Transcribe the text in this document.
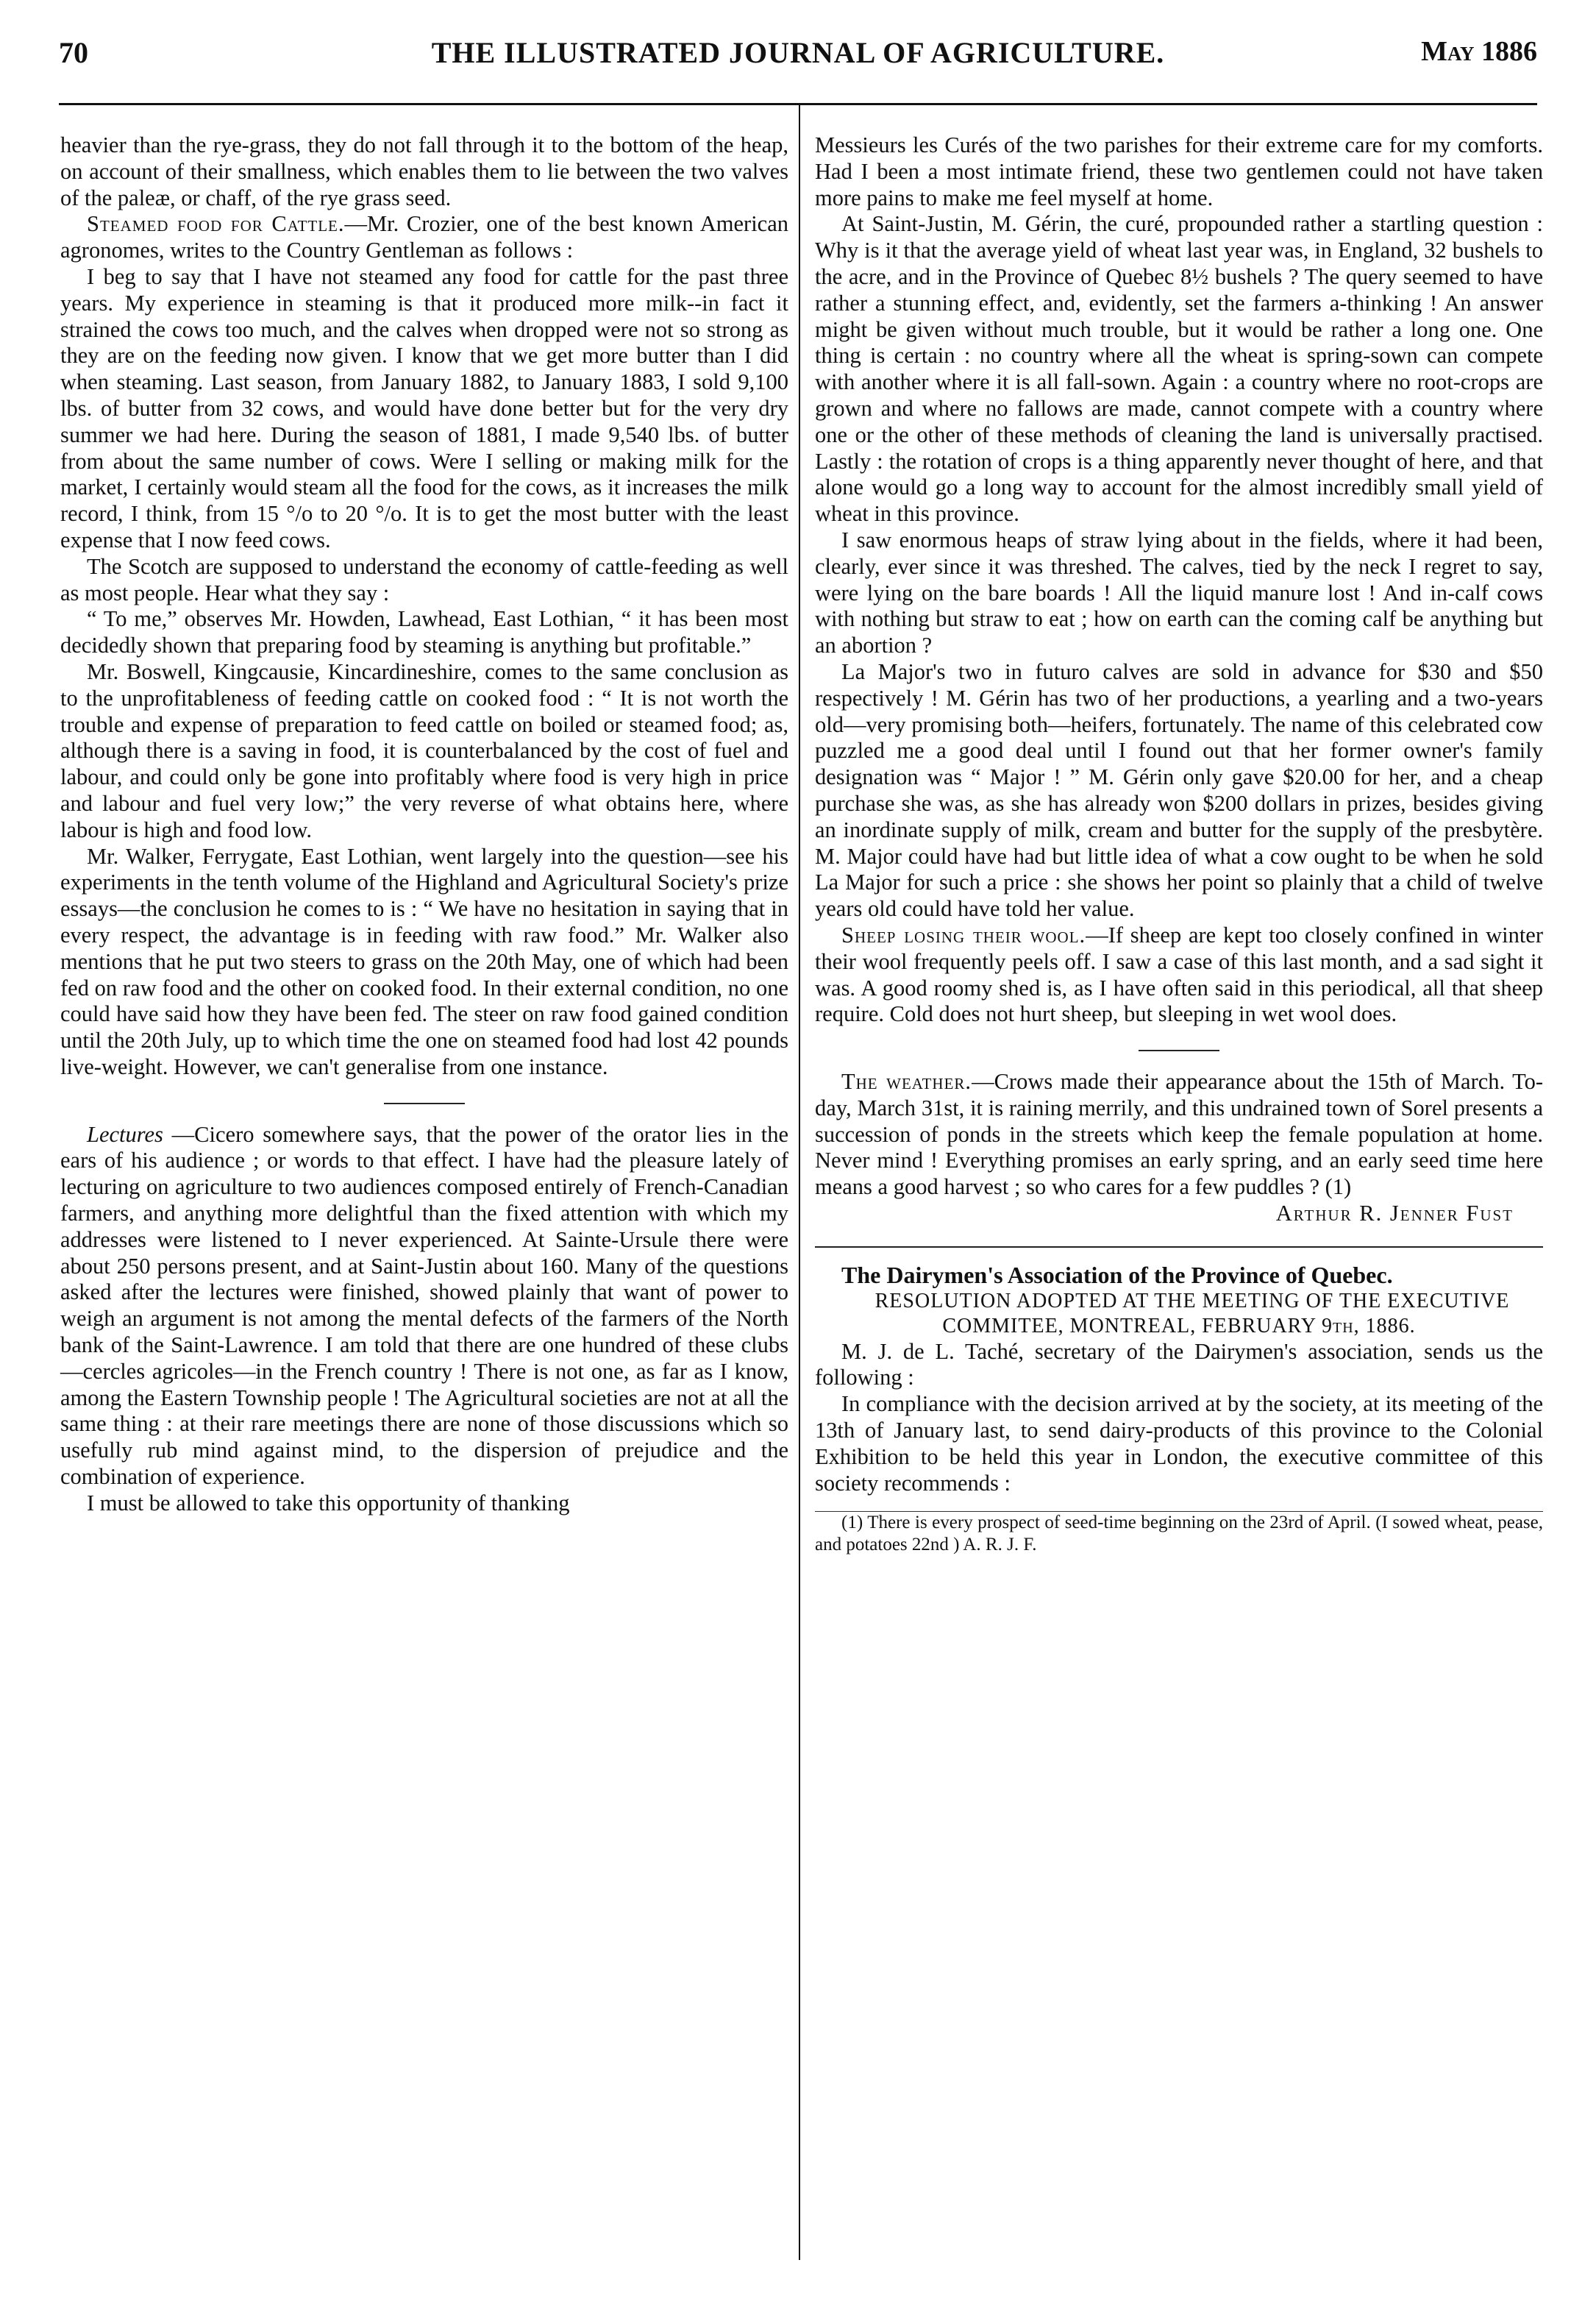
70	THE ILLUSTRATED JOURNAL OF AGRICULTURE.	May 1886

heavier than the rye-grass, they do not fall through it to the bottom of the heap, on account of their smallness, which enables them to lie between the two valves of the paleæ, or chaff, of the rye grass seed.

Steamed food for Cattle.—Mr. Crozier, one of the best known American agronomes, writes to the Country Gentleman as follows :

I beg to say that I have not steamed any food for cattle for the past three years. My experience in steaming is that it produced more milk--in fact it strained the cows too much, and the calves when dropped were not so strong as they are on the feeding now given. I know that we get more butter than I did when steaming. Last season, from January 1882, to January 1883, I sold 9,100 lbs. of butter from 32 cows, and would have done better but for the very dry summer we had here. During the season of 1881, I made 9,540 lbs. of butter from about the same number of cows. Were I selling or making milk for the market, I certainly would steam all the food for the cows, as it increases the milk record, I think, from 15 °/o to 20 °/o. It is to get the most butter with the least expense that I now feed cows.

The Scotch are supposed to understand the economy of cattle-feeding as well as most people. Hear what they say :

“ To me,” observes Mr. Howden, Lawhead, East Lothian, “ it has been most decidedly shown that preparing food by steaming is anything but profitable.”

Mr. Boswell, Kingcausie, Kincardineshire, comes to the same conclusion as to the unprofitableness of feeding cattle on cooked food : “ It is not worth the trouble and expense of preparation to feed cattle on boiled or steamed food; as, although there is a saving in food, it is counterbalanced by the cost of fuel and labour, and could only be gone into profitably where food is very high in price and labour and fuel very low;” the very reverse of what obtains here, where labour is high and food low.

Mr. Walker, Ferrygate, East Lothian, went largely into the question—see his experiments in the tenth volume of the Highland and Agricultural Society's prize essays—the conclusion he comes to is : “ We have no hesitation in saying that in every respect, the advantage is in feeding with raw food.” Mr. Walker also mentions that he put two steers to grass on the 20th May, one of which had been fed on raw food and the other on cooked food. In their external condition, no one could have said how they have been fed. The steer on raw food gained condition until the 20th July, up to which time the one on steamed food had lost 42 pounds live-weight. However, we can't generalise from one instance.

Lectures —Cicero somewhere says, that the power of the orator lies in the ears of his audience ; or words to that effect. I have had the pleasure lately of lecturing on agriculture to two audiences composed entirely of French-Canadian farmers, and anything more delightful than the fixed attention with which my addresses were listened to I never experienced. At Sainte-Ursule there were about 250 persons present, and at Saint-Justin about 160. Many of the questions asked after the lectures were finished, showed plainly that want of power to weigh an argument is not among the mental defects of the farmers of the North bank of the Saint-Lawrence. I am told that there are one hundred of these clubs—cercles agricoles—in the French country ! There is not one, as far as I know, among the Eastern Township people ! The Agricultural societies are not at all the same thing : at their rare meetings there are none of those discussions which so usefully rub mind against mind, to the dispersion of prejudice and the combination of experience.

I must be allowed to take this opportunity of thanking

Messieurs les Curés of the two parishes for their extreme care for my comforts. Had I been a most intimate friend, these two gentlemen could not have taken more pains to make me feel myself at home.

At Saint-Justin, M. Gérin, the curé, propounded rather a startling question : Why is it that the average yield of wheat last year was, in England, 32 bushels to the acre, and in the Province of Quebec 8½ bushels ? The query seemed to have rather a stunning effect, and, evidently, set the farmers a-thinking ! An answer might be given without much trouble, but it would be rather a long one. One thing is certain : no country where all the wheat is spring-sown can compete with another where it is all fall-sown. Again : a country where no root-crops are grown and where no fallows are made, cannot compete with a country where one or the other of these methods of cleaning the land is universally practised. Lastly : the rotation of crops is a thing apparently never thought of here, and that alone would go a long way to account for the almost incredibly small yield of wheat in this province.

I saw enormous heaps of straw lying about in the fields, where it had been, clearly, ever since it was threshed. The calves, tied by the neck I regret to say, were lying on the bare boards ! All the liquid manure lost ! And in-calf cows with nothing but straw to eat ; how on earth can the coming calf be anything but an abortion ?

La Major's two in futuro calves are sold in advance for $30 and $50 respectively ! M. Gérin has two of her productions, a yearling and a two-years old—very promising both—heifers, fortunately. The name of this celebrated cow puzzled me a good deal until I found out that her former owner's family designation was “ Major ! ” M. Gérin only gave $20.00 for her, and a cheap purchase she was, as she has already won $200 dollars in prizes, besides giving an inordinate supply of milk, cream and butter for the supply of the presbytère. M. Major could have had but little idea of what a cow ought to be when he sold La Major for such a price : she shows her point so plainly that a child of twelve years old could have told her value.

Sheep losing their wool.—If sheep are kept too closely confined in winter their wool frequently peels off. I saw a case of this last month, and a sad sight it was. A good roomy shed is, as I have often said in this periodical, all that sheep require. Cold does not hurt sheep, but sleeping in wet wool does.

The weather.—Crows made their appearance about the 15th of March. To-day, March 31st, it is raining merrily, and this undrained town of Sorel presents a succession of ponds in the streets which keep the female population at home. Never mind ! Everything promises an early spring, and an early seed time here means a good harvest ; so who cares for a few puddles ? (1)

Arthur R. Jenner Fust

The Dairymen's Association of the Province of Quebec.

RESOLUTION ADOPTED AT THE MEETING OF THE EXECUTIVE COMMITEE, MONTREAL, FEBRUARY 9th, 1886.

M. J. de L. Taché, secretary of the Dairymen's association, sends us the following :

In compliance with the decision arrived at by the society, at its meeting of the 13th of January last, to send dairy-products of this province to the Colonial Exhibition to be held this year in London, the executive committee of this society recommends :

(1) There is every prospect of seed-time beginning on the 23rd of April. (I sowed wheat, pease, and potatoes 22nd ) A. R. J. F.
